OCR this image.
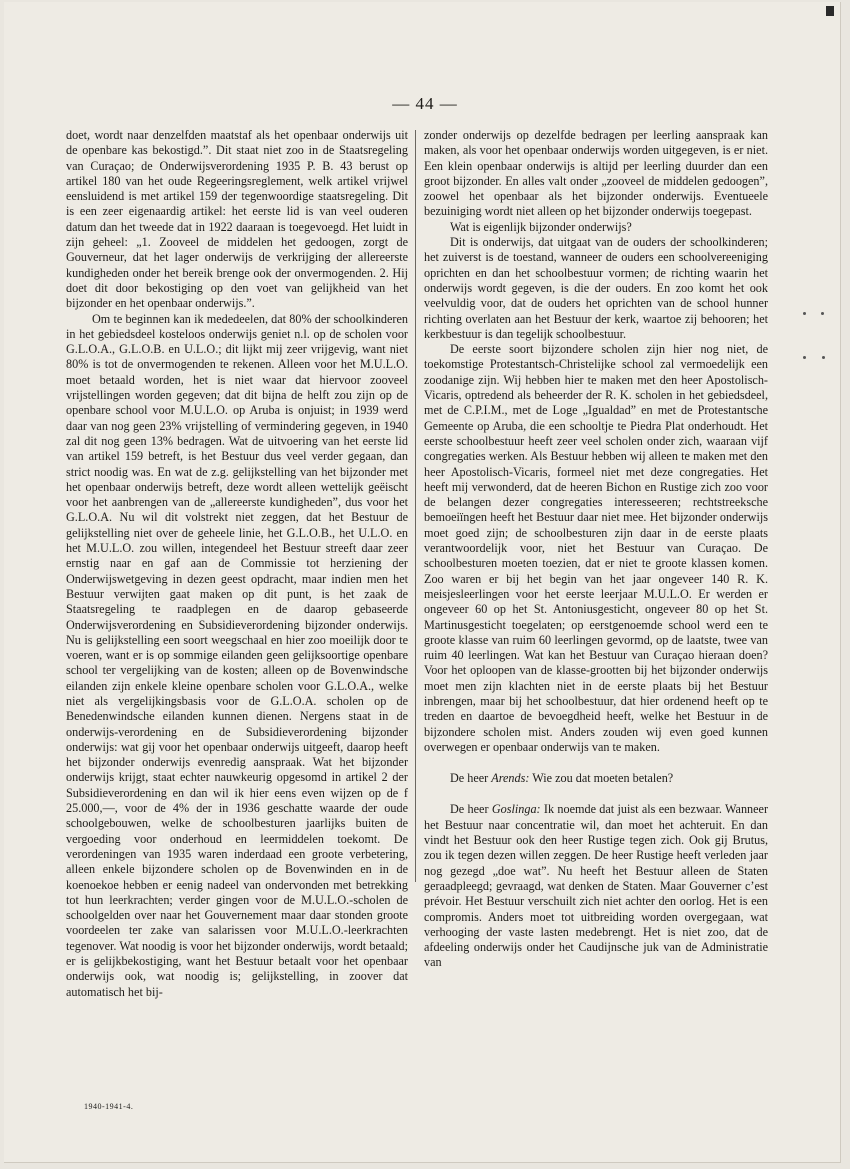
— 44 —

doet, wordt naar denzelfden maatstaf als het openbaar onderwijs uit de openbare kas bekostigd.”. Dit staat niet zoo in de Staatsregeling van Curaçao; de Onderwijsverordening 1935 P. B. 43 berust op artikel 180 van het oude Regeeringsreglement, welk artikel vrijwel eensluidend is met artikel 159 der tegenwoordige staatsregeling. Dit is een zeer eigenaardig artikel: het eerste lid is van veel ouderen datum dan het tweede dat in 1922 daaraan is toegevoegd. Het luidt in zijn geheel: „1. Zooveel de middelen het gedoogen, zorgt de Gouverneur, dat het lager onderwijs de verkrijging der allereerste kundigheden onder het bereik brenge ook der onvermogenden. 2. Hij doet dit door bekostiging op den voet van gelijkheid van het bijzonder en het openbaar onderwijs.”.

Om te beginnen kan ik mededeelen, dat 80% der schoolkinderen in het gebiedsdeel kosteloos onderwijs geniet n.l. op de scholen voor G.L.O.A., G.L.O.B. en U.L.O.; dit lijkt mij zeer vrijgevig, want niet 80% is tot de onvermogenden te rekenen. Alleen voor het M.U.L.O. moet betaald worden, het is niet waar dat hiervoor zooveel vrijstellingen worden gegeven; dat dit bijna de helft zou zijn op de openbare school voor M.U.L.O. op Aruba is onjuist; in 1939 werd daar van nog geen 23% vrijstelling of vermindering gegeven, in 1940 zal dit nog geen 13% bedragen. Wat de uitvoering van het eerste lid van artikel 159 betreft, is het Bestuur dus veel verder gegaan, dan strict noodig was. En wat de z.g. gelijkstelling van het bijzonder met het openbaar onderwijs betreft, deze wordt alleen wettelijk geëischt voor het aanbrengen van de „allereerste kundigheden”, dus voor het G.L.O.A. Nu wil dit volstrekt niet zeggen, dat het Bestuur de gelijkstelling niet over de geheele linie, het G.L.O.B., het U.L.O. en het M.U.L.O. zou willen, integendeel het Bestuur streeft daar zeer ernstig naar en gaf aan de Commissie tot herziening der Onderwijswetgeving in dezen geest opdracht, maar indien men het Bestuur verwijten gaat maken op dit punt, is het zaak de Staatsregeling te raadplegen en de daarop gebaseerde Onderwijsverordening en Subsidieverordening bijzonder onderwijs. Nu is gelijkstelling een soort weegschaal en hier zoo moeilijk door te voeren, want er is op sommige eilanden geen gelijksoortige openbare school ter vergelijking van de kosten; alleen op de Bovenwindsche eilanden zijn enkele kleine openbare scholen voor G.L.O.A., welke niet als vergelijkingsbasis voor de G.L.O.A. scholen op de Benedenwindsche eilanden kunnen dienen. Nergens staat in de onderwijs-verordening en de Subsidieverordening bijzonder onderwijs: wat gij voor het openbaar onderwijs uitgeeft, daarop heeft het bijzonder onderwijs evenredig aanspraak. Wat het bijzonder onderwijs krijgt, staat echter nauwkeurig opgesomd in artikel 2 der Subsidieverordening en dan wil ik hier eens even wijzen op de f 25.000,—, voor de 4% der in 1936 geschatte waarde der oude schoolgebouwen, welke de schoolbesturen jaarlijks buiten de vergoeding voor onderhoud en leermiddelen toekomt. De verordeningen van 1935 waren inderdaad een groote verbetering, alleen enkele bijzondere scholen op de Bovenwinden en in de koenoekoe hebben er eenig nadeel van ondervonden met betrekking tot hun leerkrachten; verder gingen voor de M.U.L.O.-scholen de schoolgelden over naar het Gouvernement maar daar stonden groote voordeelen ter zake van salarissen voor M.U.L.O.-leerkrachten tegenover. Wat noodig is voor het bijzonder onderwijs, wordt betaald; er is gelijkbekostiging, want het Bestuur betaalt voor het openbaar onderwijs ook, wat noodig is; gelijkstelling, in zoover dat automatisch het bij-

zonder onderwijs op dezelfde bedragen per leerling aanspraak kan maken, als voor het openbaar onderwijs worden uitgegeven, is er niet. Een klein openbaar onderwijs is altijd per leerling duurder dan een groot bijzonder. En alles valt onder „zooveel de middelen gedoogen”, zoowel het openbaar als het bijzonder onderwijs. Eventueele bezuiniging wordt niet alleen op het bijzonder onderwijs toegepast.

Wat is eigenlijk bijzonder onderwijs?

Dit is onderwijs, dat uitgaat van de ouders der schoolkinderen; het zuiverst is de toestand, wanneer de ouders een schoolvereeniging oprichten en dan het schoolbestuur vormen; de richting waarin het onderwijs wordt gegeven, is die der ouders. En zoo komt het ook veelvuldig voor, dat de ouders het oprichten van de school hunner richting overlaten aan het Bestuur der kerk, waartoe zij behooren; het kerkbestuur is dan tegelijk schoolbestuur.

De eerste soort bijzondere scholen zijn hier nog niet, de toekomstige Protestantsch-Christelijke school zal vermoedelijk een zoodanige zijn. Wij hebben hier te maken met den heer Apostolisch-Vicaris, optredend als beheerder der R. K. scholen in het gebiedsdeel, met de C.P.I.M., met de Loge „Igualdad” en met de Protestantsche Gemeente op Aruba, die een schooltje te Piedra Plat onderhoudt. Het eerste schoolbestuur heeft zeer veel scholen onder zich, waaraan vijf congregaties werken. Als Bestuur hebben wij alleen te maken met den heer Apostolisch-Vicaris, formeel niet met deze congregaties. Het heeft mij verwonderd, dat de heeren Bichon en Rustige zich zoo voor de belangen dezer congregaties interesseeren; rechtstreeksche bemoeiïngen heeft het Bestuur daar niet mee. Het bijzonder onderwijs moet goed zijn; de schoolbesturen zijn daar in de eerste plaats verantwoordelijk voor, niet het Bestuur van Curaçao. De schoolbesturen moeten toezien, dat er niet te groote klassen komen. Zoo waren er bij het begin van het jaar ongeveer 140 R. K. meisjesleerlingen voor het eerste leerjaar M.U.L.O. Er werden er ongeveer 60 op het St. Antoniusgesticht, ongeveer 80 op het St. Martinusgesticht toegelaten; op eerstgenoemde school werd een te groote klasse van ruim 60 leerlingen gevormd, op de laatste, twee van ruim 40 leerlingen. Wat kan het Bestuur van Curaçao hieraan doen? Voor het oploopen van de klasse-grootten bij het bijzonder onderwijs moet men zijn klachten niet in de eerste plaats bij het Bestuur inbrengen, maar bij het schoolbestuur, dat hier ordenend heeft op te treden en daartoe de bevoegdheid heeft, welke het Bestuur in de bijzondere scholen mist. Anders zouden wij even goed kunnen overwegen er openbaar onderwijs van te maken.

De heer Arends: Wie zou dat moeten betalen?

De heer Goslinga: Ik noemde dat juist als een bezwaar. Wanneer het Bestuur naar concentratie wil, dan moet het achteruit. En dan vindt het Bestuur ook den heer Rustige tegen zich. Ook gij Brutus, zou ik tegen dezen willen zeggen. De heer Rustige heeft verleden jaar nog gezegd „doe wat”. Nu heeft het Bestuur alleen de Staten geraadpleegd; gevraagd, wat denken de Staten. Maar Gouverner c’est prévoir. Het Bestuur verschuilt zich niet achter den oorlog. Het is een compromis. Anders moet tot uitbreiding worden overgegaan, wat verhooging der vaste lasten medebrengt. Het is niet zoo, dat de afdeeling onderwijs onder het Caudijnsche juk van de Administratie van

1940-1941-4.
